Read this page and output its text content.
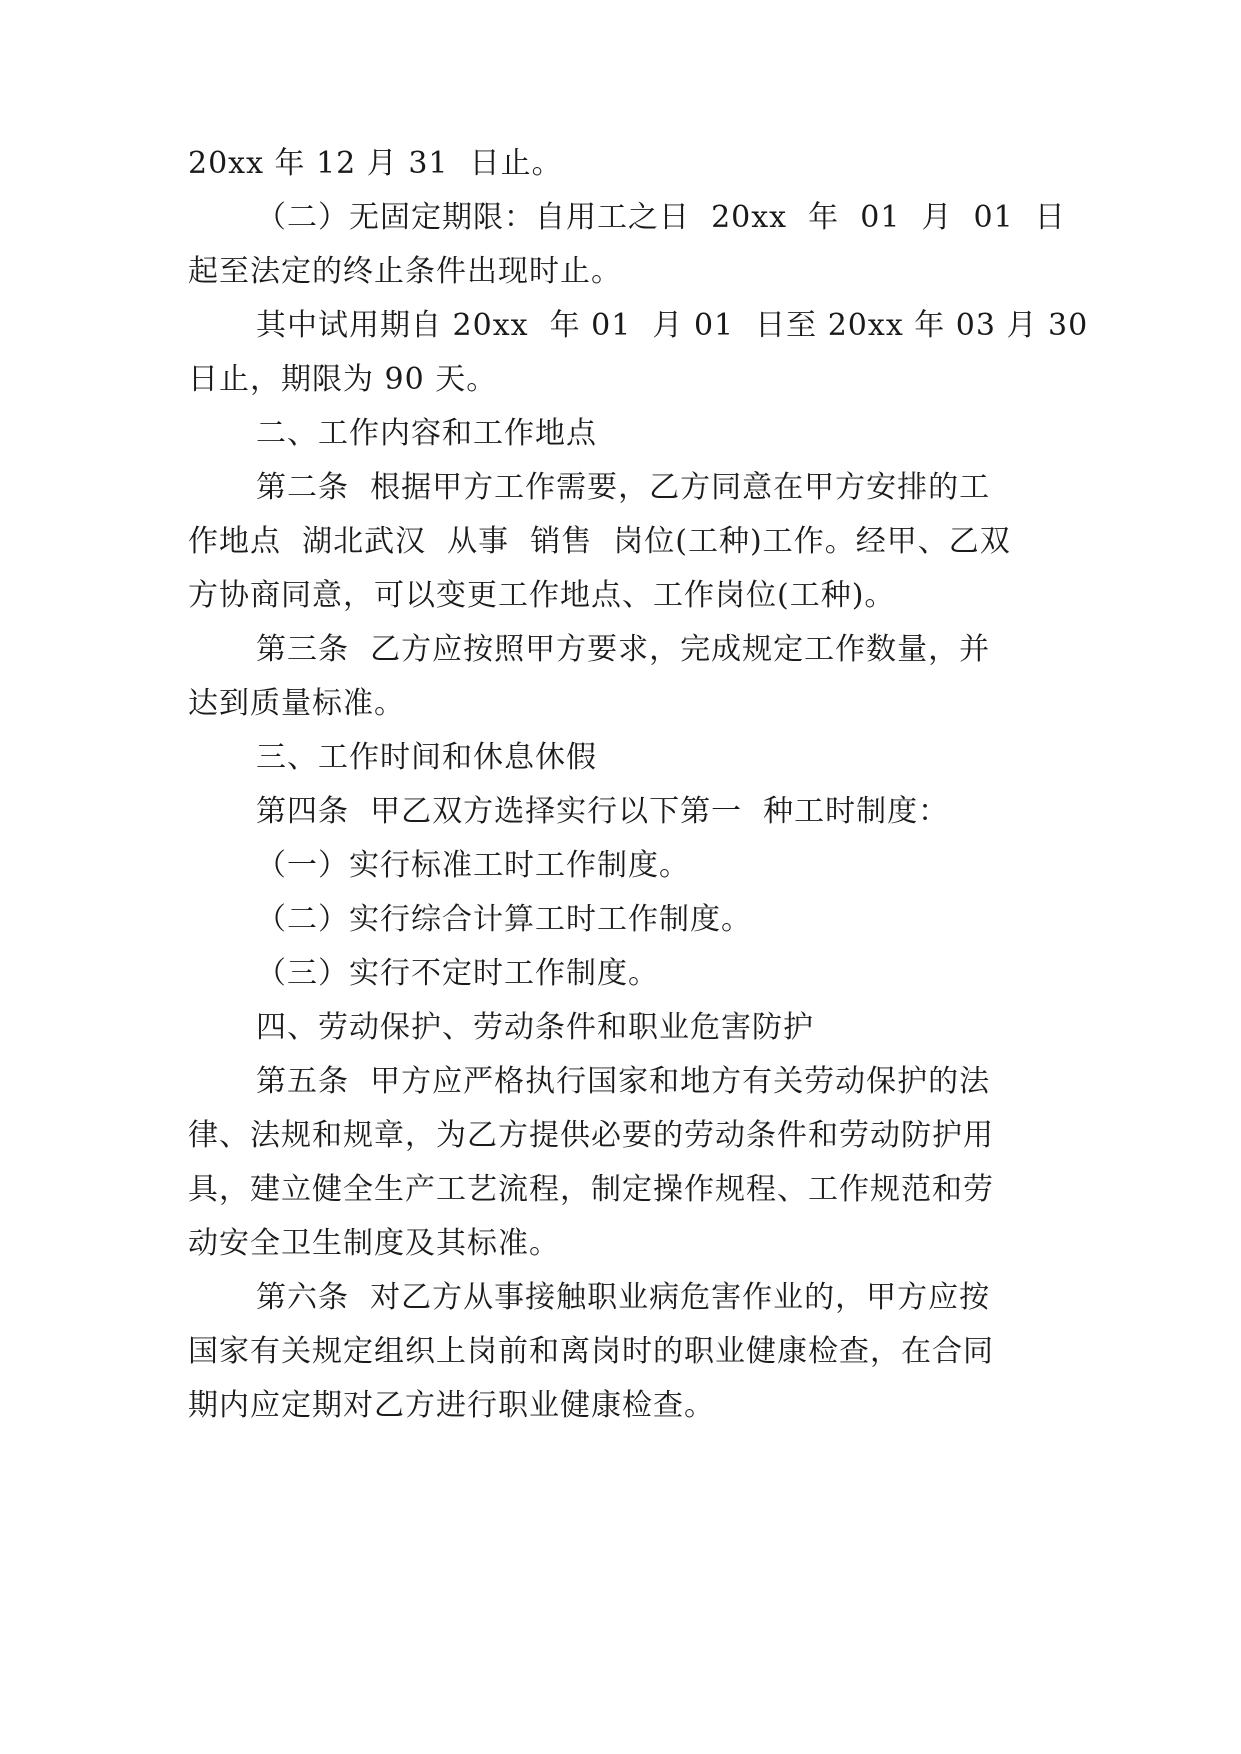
20xx 年 12 月 31  日止。
（二）无固定期限：自用工之日  20xx  年  01  月  01  日
起至法定的终止条件出现时止。
其中试用期自 20xx  年 01  月 01  日至 20xx 年 03 月 30
日止，期限为 90 天。
二、工作内容和工作地点
第二条  根据甲方工作需要，乙方同意在甲方安排的工
作地点  湖北武汉  从事  销售  岗位(工种)工作。经甲、乙双
方协商同意，可以变更工作地点、工作岗位(工种)。
第三条  乙方应按照甲方要求，完成规定工作数量，并
达到质量标准。
三、工作时间和休息休假
第四条  甲乙双方选择实行以下第一  种工时制度：
（一）实行标准工时工作制度。
（二）实行综合计算工时工作制度。
（三）实行不定时工作制度。
四、劳动保护、劳动条件和职业危害防护
第五条  甲方应严格执行国家和地方有关劳动保护的法
律、法规和规章，为乙方提供必要的劳动条件和劳动防护用
具，建立健全生产工艺流程，制定操作规程、工作规范和劳
动安全卫生制度及其标准。
第六条  对乙方从事接触职业病危害作业的，甲方应按
国家有关规定组织上岗前和离岗时的职业健康检查，在合同
期内应定期对乙方进行职业健康检查。
